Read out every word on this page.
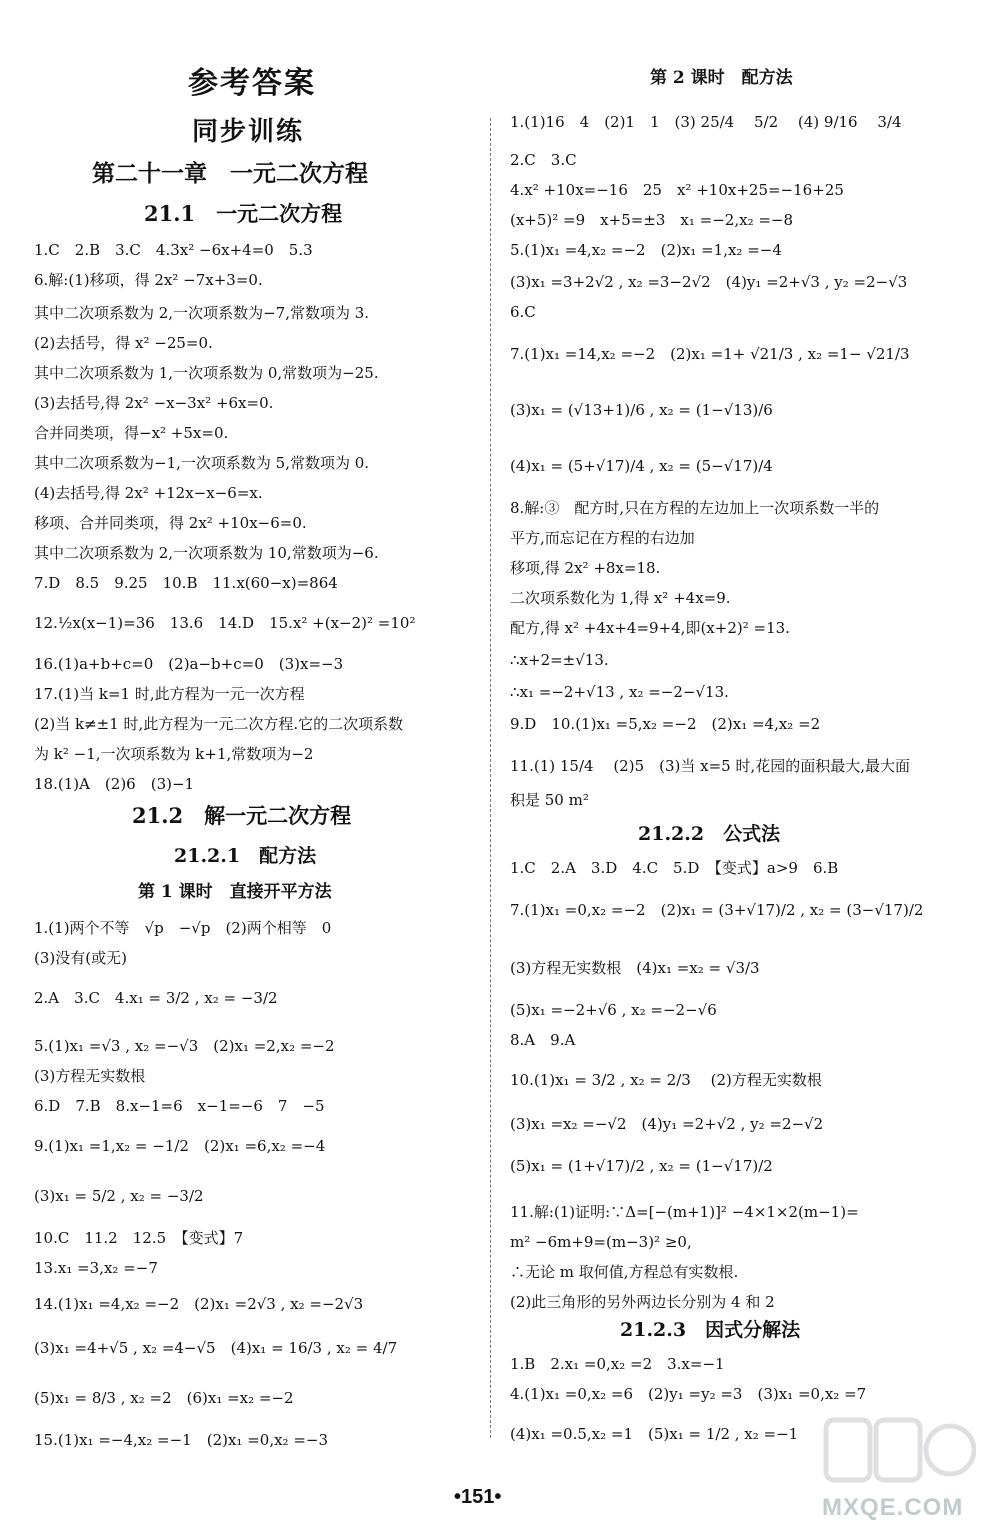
参考答案
同步训练
第二十一章　一元二次方程
21.1　一元二次方程
1.C　2.B　3.C　4.3x² −6x+4=0　5.3
6.解:(1)移项，得 2x² −7x+3=0.
其中二次项系数为 2,一次项系数为−7,常数项为 3.
(2)去括号，得 x² −25=0.
其中二次项系数为 1,一次项系数为 0,常数项为−25.
(3)去括号,得 2x² −x−3x² +6x=0.
合并同类项，得−x² +5x=0.
其中二次项系数为−1,一次项系数为 5,常数项为 0.
(4)去括号,得 2x² +12x−x−6=x.
移项、合并同类项，得 2x² +10x−6=0.
其中二次项系数为 2,一次项系数为 10,常数项为−6.
7.D　8.5　9.25　10.B　11.x(60−x)=864
12.½x(x−1)=36　13.6　14.D　15.x² +(x−2)² =10²
16.(1)a+b+c=0　(2)a−b+c=0　(3)x=−3
17.(1)当 k=1 时,此方程为一元一次方程
(2)当 k≠±1 时,此方程为一元二次方程.它的二次项系数
为 k² −1,一次项系数为 k+1,常数项为−2
18.(1)A　(2)6　(3)−1
21.2　解一元二次方程
21.2.1　配方法
第 1 课时　直接开平方法
1.(1)两个不等　√p　−√p　(2)两个相等　0
(3)没有(或无)
2.A　3.C　4.x₁ = 3/2 , x₂ = −3/2
5.(1)x₁ =√3 , x₂ =−√3　(2)x₁ =2,x₂ =−2
(3)方程无实数根
6.D　7.B　8.x−1=6　x−1=−6　7　−5
9.(1)x₁ =1,x₂ = −1/2　(2)x₁ =6,x₂ =−4
(3)x₁ = 5/2 , x₂ = −3/2
10.C　11.2　12.5　【变式】7
13.x₁ =3,x₂ =−7
14.(1)x₁ =4,x₂ =−2　(2)x₁ =2√3 , x₂ =−2√3
(3)x₁ =4+√5 , x₂ =4−√5　(4)x₁ = 16/3 , x₂ = 4/7
(5)x₁ = 8/3 , x₂ =2　(6)x₁ =x₂ =−2
15.(1)x₁ =−4,x₂ =−1　(2)x₁ =0,x₂ =−3
第 2 课时　配方法
1.(1)16　4　(2)1　1　(3) 25/4 　5/2 　(4) 9/16 　3/4
2.C　3.C
4.x² +10x=−16　25　x² +10x+25=−16+25
(x+5)² =9　x+5=±3　x₁ =−2,x₂ =−8
5.(1)x₁ =4,x₂ =−2　(2)x₁ =1,x₂ =−4
(3)x₁ =3+2√2 , x₂ =3−2√2　(4)y₁ =2+√3 , y₂ =2−√3
6.C
7.(1)x₁ =14,x₂ =−2　(2)x₁ =1+ √21/3 , x₂ =1− √21/3
(3)x₁ = (√13+1)/6 , x₂ = (1−√13)/6
(4)x₁ = (5+√17)/4 , x₂ = (5−√17)/4
8.解:③　配方时,只在方程的左边加上一次项系数一半的
平方,而忘记在方程的右边加
移项,得 2x² +8x=18.
二次项系数化为 1,得 x² +4x=9.
配方,得 x² +4x+4=9+4,即(x+2)² =13.
∴x+2=±√13.
∴x₁ =−2+√13 , x₂ =−2−√13.
9.D　10.(1)x₁ =5,x₂ =−2　(2)x₁ =4,x₂ =2
11.(1) 15/4 　(2)5　(3)当 x=5 时,花园的面积最大,最大面
积是 50 m²
21.2.2　公式法
1.C　2.A　3.D　4.C　5.D　【变式】a>9　6.B
7.(1)x₁ =0,x₂ =−2　(2)x₁ = (3+√17)/2 , x₂ = (3−√17)/2
(3)方程无实数根　(4)x₁ =x₂ = √3/3
(5)x₁ =−2+√6 , x₂ =−2−√6
8.A　9.A
10.(1)x₁ = 3/2 , x₂ = 2/3 　(2)方程无实数根
(3)x₁ =x₂ =−√2　(4)y₁ =2+√2 , y₂ =2−√2
(5)x₁ = (1+√17)/2 , x₂ = (1−√17)/2
11.解:(1)证明:∵Δ=[−(m+1)]² −4×1×2(m−1)=
m² −6m+9=(m−3)² ≥0,
∴无论 m 取何值,方程总有实数根.
(2)此三角形的另外两边长分别为 4 和 2
21.2.3　因式分解法
1.B　2.x₁ =0,x₂ =2　3.x=−1
4.(1)x₁ =0,x₂ =6　(2)y₁ =y₂ =3　(3)x₁ =0,x₂ =7
(4)x₁ =0.5,x₂ =1　(5)x₁ = 1/2 , x₂ =−1
•151•	MXQE.COM
